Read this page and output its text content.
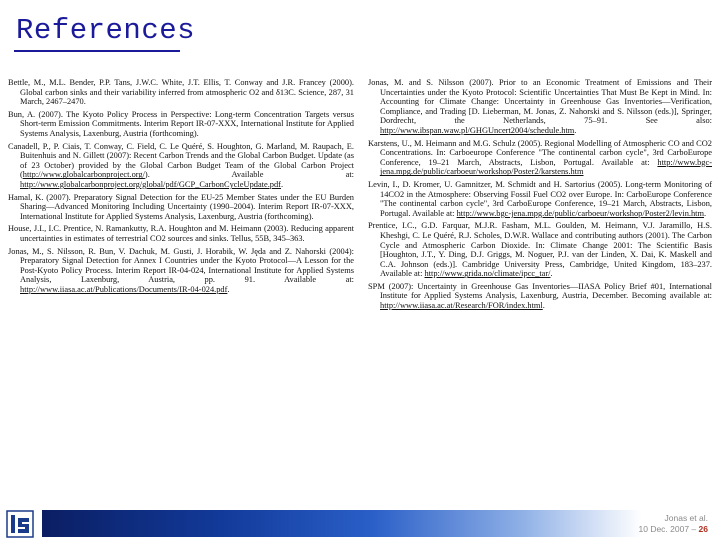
References
Bettle, M., M.L. Bender, P.P. Tans, J.W.C. White, J.T. Ellis, T. Conway and J.R. Francey (2000). Global carbon sinks and their variability inferred from atmospheric O2 and δ13C. Science, 287, 31 March, 2467–2470.
Bun, A. (2007). The Kyoto Policy Process in Perspective: Long-term Concentration Targets versus Short-term Emission Commitments. Interim Report IR-07-XXX, International Institute for Applied Systems Analysis, Laxenburg, Austria (forthcoming).
Canadell, P., P. Ciais, T. Conway, C. Field, C. Le Quéré, S. Houghton, G. Marland, M. Raupach, E. Buitenhuis and N. Gillett (2007): Recent Carbon Trends and the Global Carbon Budget. Update (as of 23 October) provided by the Global Carbon Budget Team of the Global Carbon Project (http://www.globalcarbonproject.org/). Available at: http://www.globalcarbonproject.org/global/pdf/GCP_CarbonCycleUpdate.pdf.
Hamal, K. (2007). Preparatory Signal Detection for the EU-25 Member States under the EU Burden Sharing—Advanced Monitoring Including Uncertainty (1990–2004). Interim Report IR-07-XXX, International Institute for Applied Systems Analysis, Laxenburg, Austria (forthcoming).
House, J.I., I.C. Prentice, N. Ramankutty, R.A. Houghton and M. Heimann (2003). Reducing apparent uncertainties in estimates of terrestrial CO2 sources and sinks. Tellus, 55B, 345–363.
Jonas, M., S. Nilsson, R. Bun, V. Dachuk, M. Gusti, J. Horabik, W. Jęda and Z. Nahorski (2004): Preparatory Signal Detection for Annex I Countries under the Kyoto Protocol—A Lesson for the Post-Kyoto Policy Process. Interim Report IR-04-024, International Institute for Applied Systems Analysis, Laxenburg, Austria, pp. 91. Available at: http://www.iiasa.ac.at/Publications/Documents/IR-04-024.pdf.
Jonas, M. and S. Nilsson (2007). Prior to an Economic Treatment of Emissions and Their Uncertainties under the Kyoto Protocol: Scientific Uncertainties That Must Be Kept in Mind. In: Accounting for Climate Change: Uncertainty in Greenhouse Gas Inventories—Verification, Compliance, and Trading [D. Lieberman, M. Jonas, Z. Nahorski and S. Nilsson (eds.)], Springer, Dordrecht, the Netherlands, 75–91. See also: http://www.ibspan.waw.pl/GHGUncert2004/schedule.htm.
Karstens, U., M. Heimann and M.G. Schulz (2005). Regional Modelling of Atmospheric CO and CO2 Concentrations. In: Carboeurope Conference "The continental carbon cycle", 3rd CarboEurope Conference, 19–21 March, Abstracts, Lisbon, Portugal. Available at: http://www.bgc-jena.mpg.de/public/carboeur/workshop/Poster2/karstens.htm
Levin, I., D. Kromer, U. Gamnitzer, M. Schmidt and H. Sartorius (2005). Long-term Monitoring of 14CO2 in the Atmosphere: Observing Fossil Fuel CO2 over Europe. In: CarboEurope Conference "The continental carbon cycle", 3rd CarboEurope Conference, 19–21 March, Abstracts, Lisbon, Portugal. Available at: http://www.bgc-jena.mpg.de/public/carboeur/workshop/Poster2/levin.htm.
Prentice, I.C., G.D. Farquar, M.J.R. Fasham, M.L. Goulden, M. Heimann, V.J. Jaramillo, H.S. Kheshgi, C. Le Quéré, R.J. Scholes, D.W.R. Wallace and contributing authors (2001). The Carbon Cycle and Atmospheric Carbon Dioxide. In: Climate Change 2001: The Scientific Basis [Houghton, J.T., Y. Ding, D.J. Griggs, M. Noguer, P.J. van der Linden, X. Dai, K. Maskell and C.A. Johnson (eds.)]. Cambridge University Press, Cambridge, United Kingdom, 183–237. Available at: http://www.grida.no/climate/ipcc_tar/.
SPM (2007): Uncertainty in Greenhouse Gas Inventories—IIASA Policy Brief #01, International Institute for Applied Systems Analysis, Laxenburg, Austria, December. Becoming available at: http://www.iiasa.ac.at/Research/FOR/index.html.
Jonas et al.
10 Dec. 2007 – 26
